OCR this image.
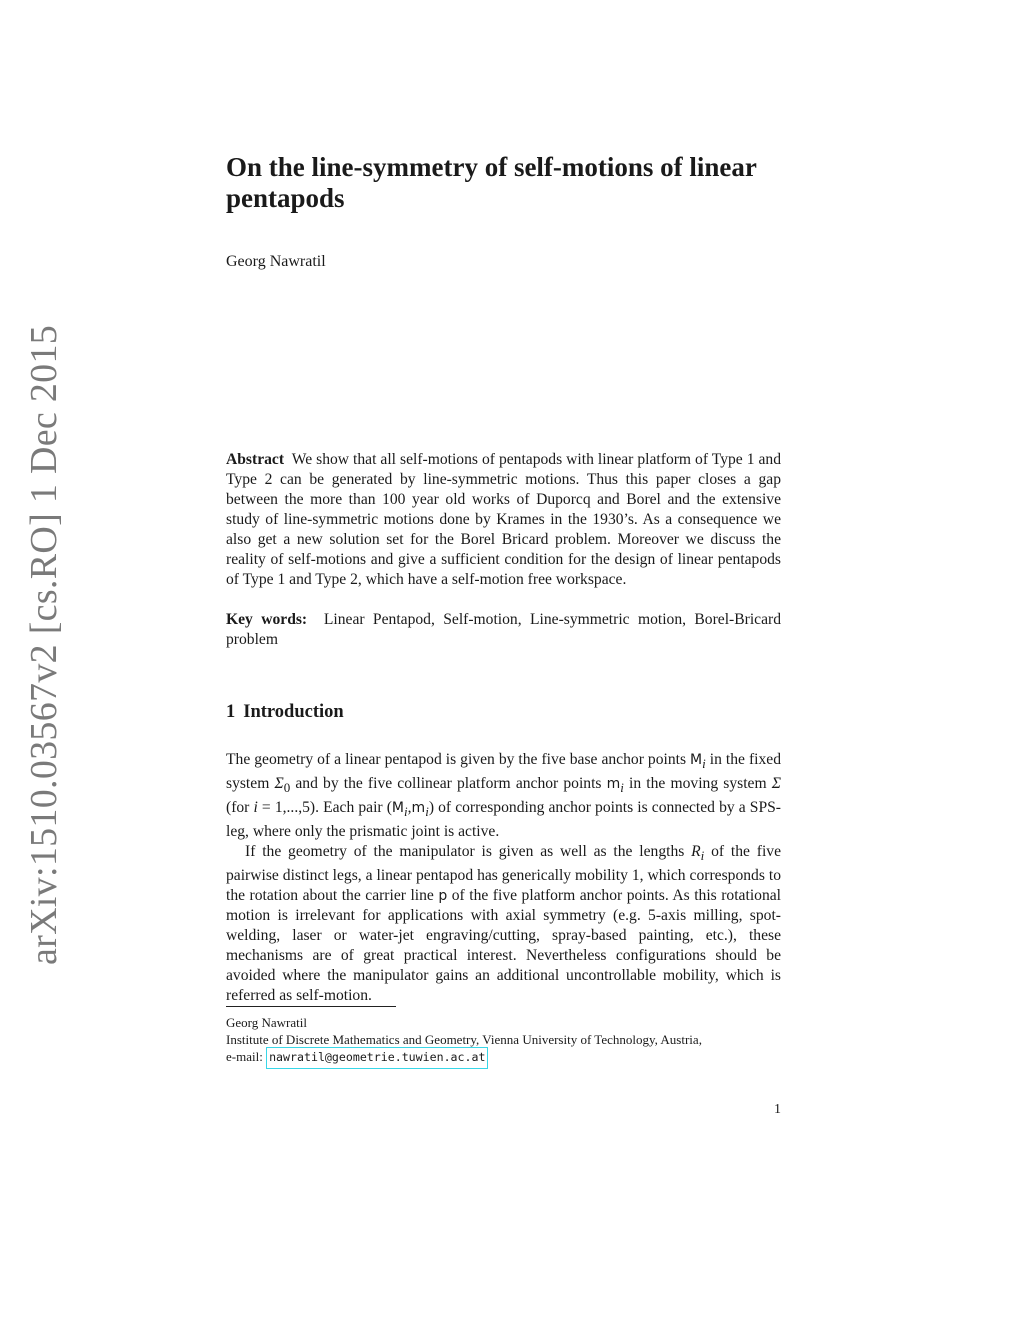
arXiv:1510.03567v2 [cs.RO] 1 Dec 2015
On the line-symmetry of self-motions of linear pentapods
Georg Nawratil

Abstract We show that all self-motions of pentapods with linear platform of Type 1 and Type 2 can be generated by line-symmetric motions. Thus this paper closes a gap between the more than 100 year old works of Duporcq and Borel and the extensive study of line-symmetric motions done by Krames in the 1930’s. As a consequence we also get a new solution set for the Borel Bricard problem. Moreover we discuss the reality of self-motions and give a sufficient condition for the design of linear pentapods of Type 1 and Type 2, which have a self-motion free workspace.

Key words: Linear Pentapod, Self-motion, Line-symmetric motion, Borel-Bricard problem

1 Introduction

The geometry of a linear pentapod is given by the five base anchor points $M_i$ in the fixed system $\Sigma_0$ and by the five collinear platform anchor points $m_i$ in the moving system Σ (for i = 1,...,5). Each pair $(M_i,m_i)$ of corresponding anchor points is connected by a SPS-leg, where only the prismatic joint is active.

If the geometry of the manipulator is given as well as the lengths $R_i$ of the five pairwise distinct legs, a linear pentapod has generically mobility 1, which corresponds to the rotation about the carrier line p of the five platform anchor points. As this rotational motion is irrelevant for applications with axial symmetry (e.g. 5-axis milling, spot-welding, laser or water-jet engraving/cutting, spray-based painting, etc.), these mechanisms are of great practical interest. Nevertheless configurations should be avoided where the manipulator gains an additional uncontrollable mobility, which is referred as self-motion.

Georg Nawratil
Institute of Discrete Mathematics and Geometry, Vienna University of Technology, Austria,
e-mail: nawratil@geometrie.tuwien.ac.at
1
